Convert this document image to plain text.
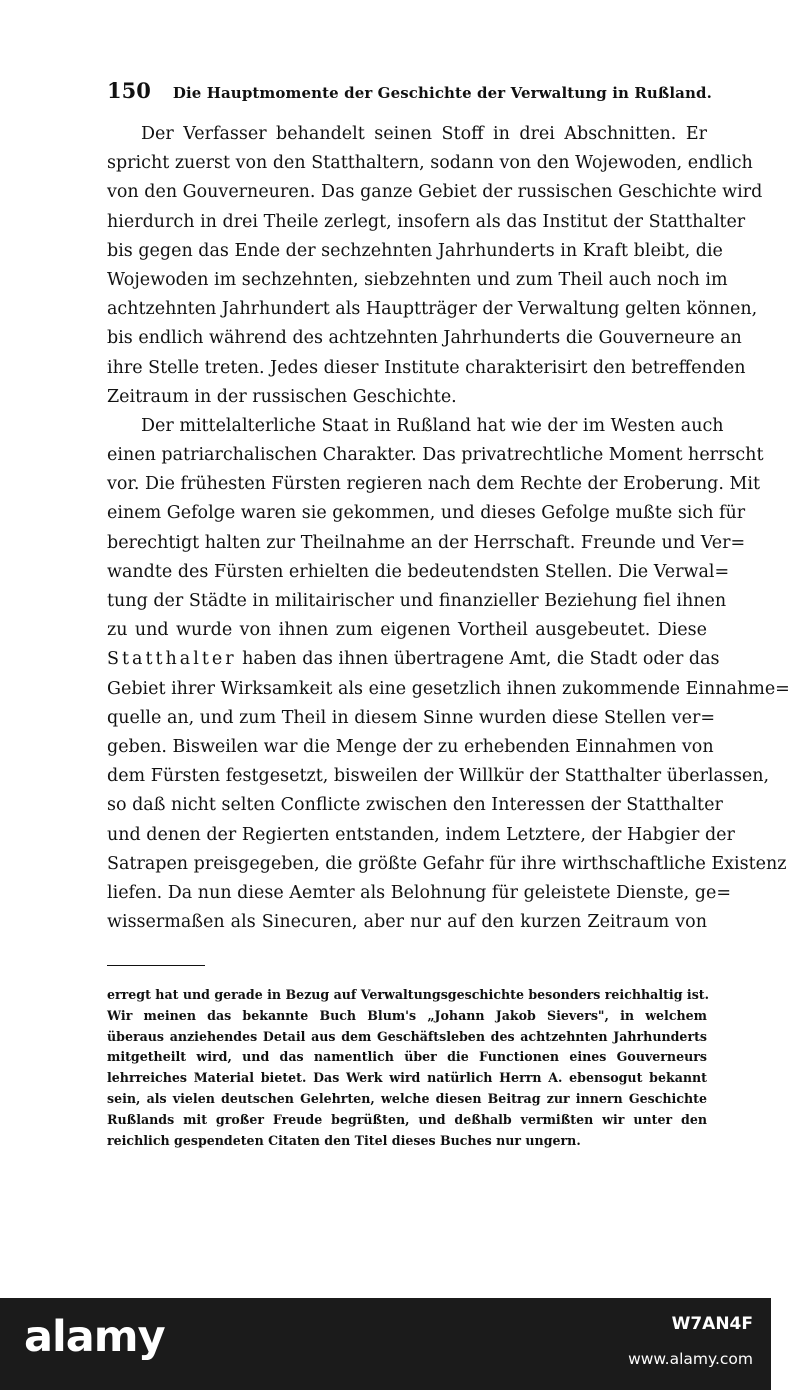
150 Die Hauptmomente der Geschichte der Verwaltung in Rußland.
Der Verfasser behandelt seinen Stoff in drei Abschnitten. Er
spricht zuerst von den Statthaltern, sodann von den Wojewoden, endlich
von den Gouverneuren. Das ganze Gebiet der russischen Geschichte wird
hierdurch in drei Theile zerlegt, insofern als das Institut der Statthalter
bis gegen das Ende der sechzehnten Jahrhunderts in Kraft bleibt, die
Wojewoden im sechzehnten, siebzehnten und zum Theil auch noch im
achtzehnten Jahrhundert als Hauptträger der Verwaltung gelten können,
bis endlich während des achtzehnten Jahrhunderts die Gouverneure an
ihre Stelle treten. Jedes dieser Institute charakterisirt den betreffenden
Zeitraum in der russischen Geschichte.
Der mittelalterliche Staat in Rußland hat wie der im Westen auch
einen patriarchalischen Charakter. Das privatrechtliche Moment herrscht
vor. Die frühesten Fürsten regieren nach dem Rechte der Eroberung. Mit
einem Gefolge waren sie gekommen, und dieses Gefolge mußte sich für
berechtigt halten zur Theilnahme an der Herrschaft. Freunde und Ver=
wandte des Fürsten erhielten die bedeutendsten Stellen. Die Verwal=
tung der Städte in militairischer und finanzieller Beziehung fiel ihnen
zu und wurde von ihnen zum eigenen Vortheil ausgebeutet. Diese
Statthalter haben das ihnen übertragene Amt, die Stadt oder das
Gebiet ihrer Wirksamkeit als eine gesetzlich ihnen zukommende Einnahme=
quelle an, und zum Theil in diesem Sinne wurden diese Stellen ver=
geben. Bisweilen war die Menge der zu erhebenden Einnahmen von
dem Fürsten festgesetzt, bisweilen der Willkür der Statthalter überlassen,
so daß nicht selten Conflicte zwischen den Interessen der Statthalter
und denen der Regierten entstanden, indem Letztere, der Habgier der
Satrapen preisgegeben, die größte Gefahr für ihre wirthschaftliche Existenz
liefen. Da nun diese Aemter als Belohnung für geleistete Dienste, ge=
wissermaßen als Sinecuren, aber nur auf den kurzen Zeitraum von
erregt hat und gerade in Bezug auf Verwaltungsgeschichte besonders reichhaltig ist.
Wir meinen das bekannte Buch Blum's „Johann Jakob Sievers", in welchem
überaus anziehendes Detail aus dem Geschäftsleben des achtzehnten Jahrhunderts
mitgetheilt wird, und das namentlich über die Functionen eines Gouverneurs
lehrreiches Material bietet. Das Werk wird natürlich Herrn A. ebensogut bekannt
sein, als vielen deutschen Gelehrten, welche diesen Beitrag zur innern Geschichte
Rußlands mit großer Freude begrüßten, und deßhalb vermißten wir unter den
reichlich gespendeten Citaten den Titel dieses Buches nur ungern.
alamy	W7AN4F
www.alamy.com
